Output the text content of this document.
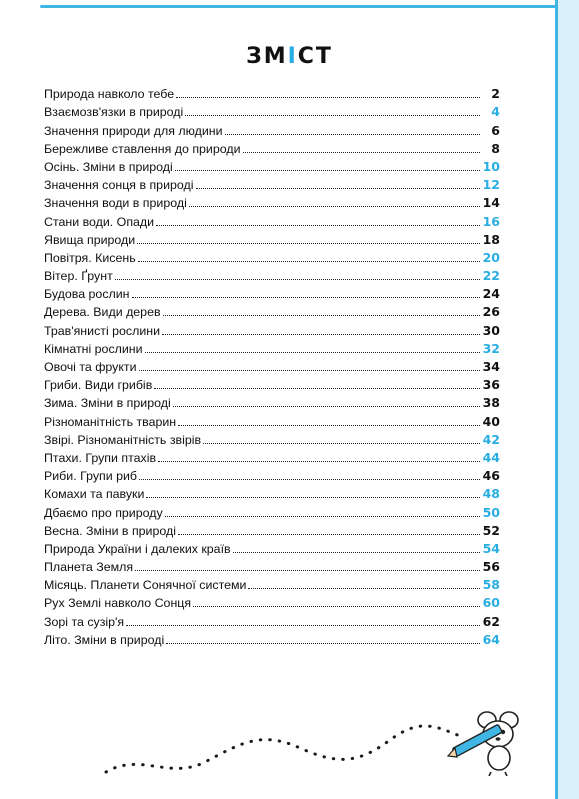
ЗМІСТ
Природа навколо тебе	2
Взаємозв'язки в природі	4
Значення природи для людини	6
Бережливе ставлення до природи	8
Осінь. Зміни в природі	10
Значення сонця в природі	12
Значення води в природі	14
Стани води. Опади	16
Явища природи	18
Повітря. Кисень	20
Вітер. Ґрунт	22
Будова рослин	24
Дерева. Види дерев	26
Трав'янисті рослини	30
Кімнатні рослини	32
Овочі та фрукти	34
Гриби. Види грибів	36
Зима. Зміни в природі	38
Різноманітність тварин	40
Звірі. Різноманітність звірів	42
Птахи. Групи птахів	44
Риби. Групи риб	46
Комахи та павуки	48
Дбаємо про природу	50
Весна. Зміни в природі	52
Природа України і далеких країв	54
Планета Земля	56
Місяць. Планети Сонячної системи	58
Рух Землі навколо Сонця	60
Зорі та сузір'я	62
Літо. Зміни в природі	64
